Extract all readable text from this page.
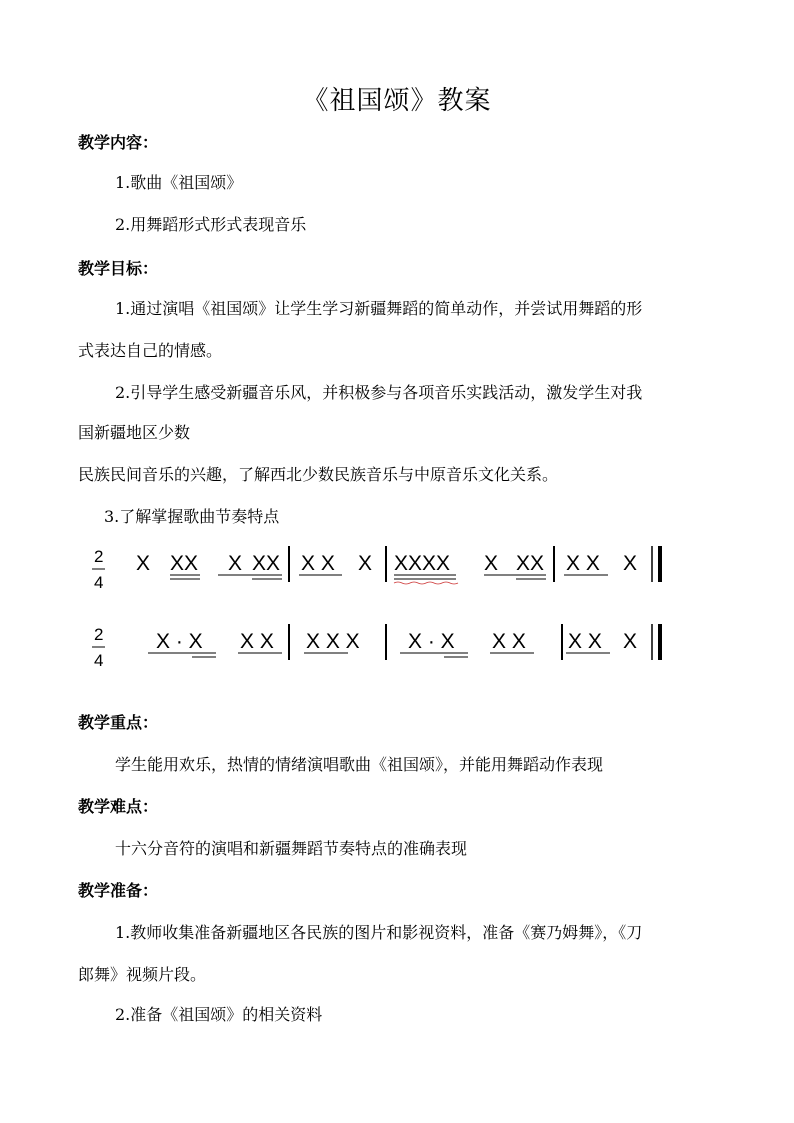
《祖国颂》教案
教学内容：
1.歌曲《祖国颂》
2.用舞蹈形式形式表现音乐
教学目标：
1.通过演唱《祖国颂》让学生学习新疆舞蹈的简单动作，并尝试用舞蹈的形
式表达自己的情感。
2.引导学生感受新疆音乐风，并积极参与各项音乐实践活动，激发学生对我
国新疆地区少数
民族民间音乐的兴趣，了解西北少数民族音乐与中原音乐文化关系。
3.了解掌握歌曲节奏特点
2
4
X XX X XX X X X XXXX X XX X X X
2
4
X · X X X X X X X · X X X X X X
教学重点：
学生能用欢乐，热情的情绪演唱歌曲《祖国颂》，并能用舞蹈动作表现
教学难点：
十六分音符的演唱和新疆舞蹈节奏特点的准确表现
教学准备：
1.教师收集准备新疆地区各民族的图片和影视资料，准备《赛乃姆舞》，《刀
郎舞》视频片段。
2.准备《祖国颂》的相关资料
